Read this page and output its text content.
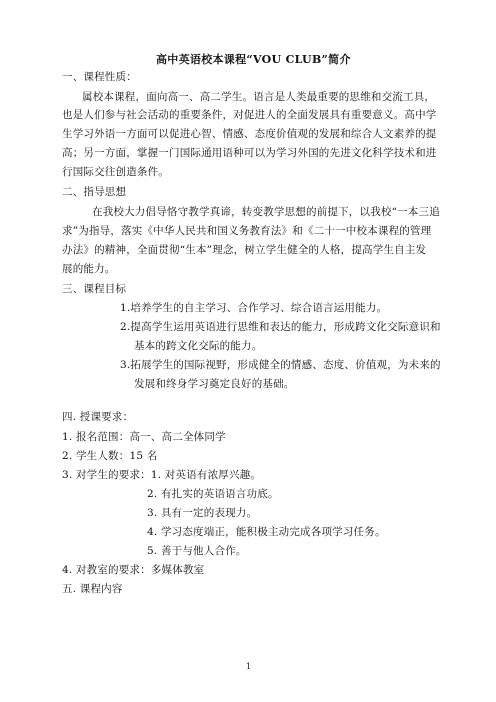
高中英语校本课程“VOU CLUB”简介
一、课程性质：
属校本课程，面向高一、高二学生。语言是人类最重要的思维和交流工具，
也是人们参与社会活动的重要条件，对促进人的全面发展具有重要意义。高中学
生学习外语一方面可以促进心智、情感、态度价值观的发展和综合人文素养的提
高；另一方面，掌握一门国际通用语种可以为学习外国的先进文化科学技术和进
行国际交往创造条件。
二、指导思想
在我校大力倡导恪守教学真谛，转变教学思想的前提下，以我校“一本三追
求”为指导，落实《中华人民共和国义务教育法》和《二十一中校本课程的管理
办法》的精神，全面贯彻“生本”理念，树立学生健全的人格，提高学生自主发
展的能力。
三、课程目标
1.培养学生的自主学习、合作学习、综合语言运用能力。
2.提高学生运用英语进行思维和表达的能力，形成跨文化交际意识和
基本的跨文化交际的能力。
3.拓展学生的国际视野，形成健全的情感、态度、价值观，为未来的
发展和终身学习奠定良好的基础。
四. 授课要求：
1. 报名范围：高一、高二全体同学
2. 学生人数：15 名
3. 对学生的要求：1. 对英语有浓厚兴趣。
2. 有扎实的英语语言功底。
3. 具有一定的表现力。
4. 学习态度端正，能积极主动完成各项学习任务。
5. 善于与他人合作。
4. 对教室的要求：多媒体教室
五. 课程内容
1
